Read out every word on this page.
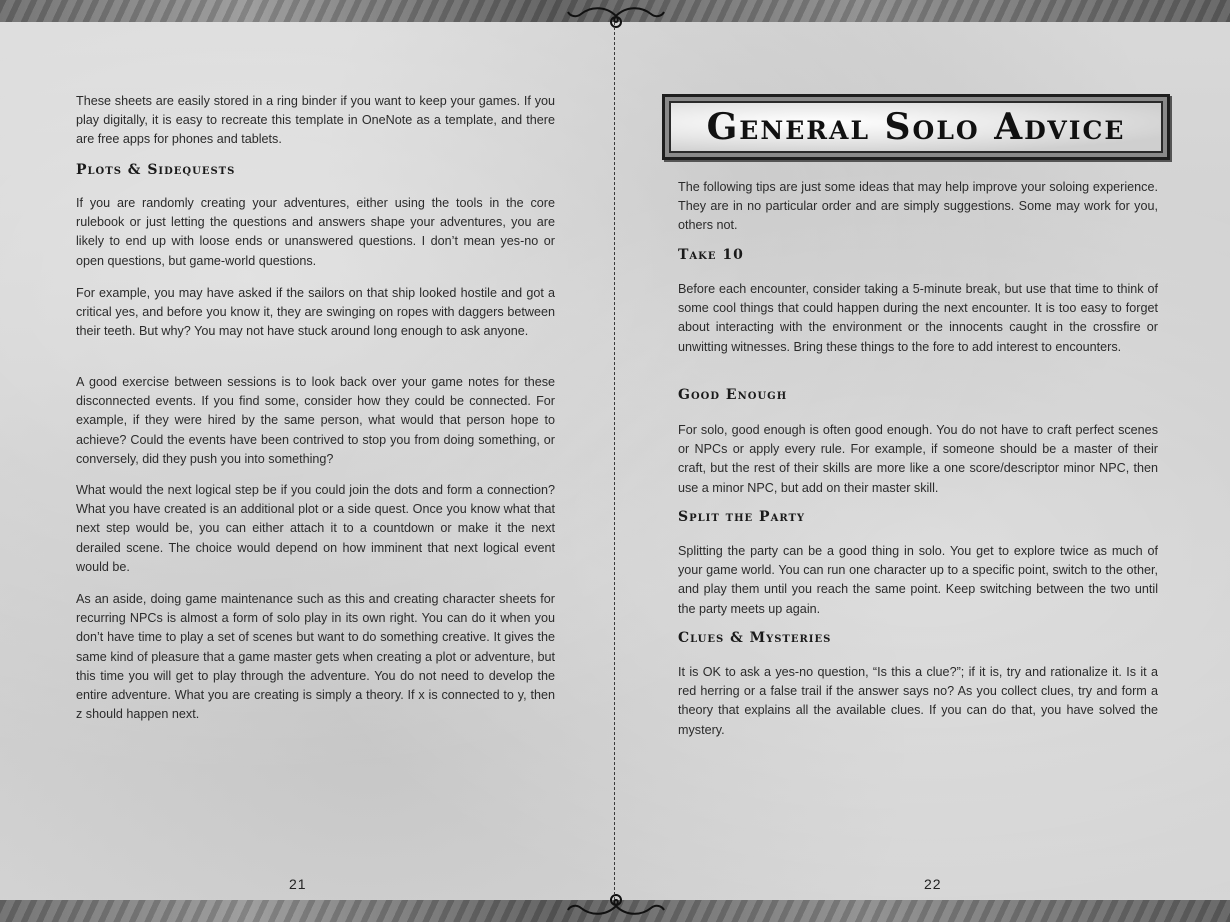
These sheets are easily stored in a ring binder if you want to keep your games. If you play digitally, it is easy to recreate this template in OneNote as a template, and there are free apps for phones and tablets.

Plots & Sidequests

If you are randomly creating your adventures, either using the tools in the core rulebook or just letting the questions and answers shape your adventures, you are likely to end up with loose ends or unanswered questions. I don’t mean yes-no or open questions, but game-world questions.

For example, you may have asked if the sailors on that ship looked hostile and got a critical yes, and before you know it, they are swinging on ropes with daggers between their teeth. But why? You may not have stuck around long enough to ask anyone.

A good exercise between sessions is to look back over your game notes for these disconnected events. If you find some, consider how they could be connected. For example, if they were hired by the same person, what would that person hope to achieve? Could the events have been contrived to stop you from doing something, or conversely, did they push you into something?

What would the next logical step be if you could join the dots and form a connection? What you have created is an additional plot or a side quest. Once you know what that next step would be, you can either attach it to a countdown or make it the next derailed scene. The choice would depend on how imminent that next logical event would be.

As an aside, doing game maintenance such as this and creating character sheets for recurring NPCs is almost a form of solo play in its own right. You can do it when you don’t have time to play a set of scenes but want to do something creative. It gives the same kind of pleasure that a game master gets when creating a plot or adventure, but this time you will get to play through the adventure. You do not need to develop the entire adventure. What you are creating is simply a theory. If x is connected to y, then z should happen next.

21
General Solo Advice

The following tips are just some ideas that may help improve your soloing experience. They are in no particular order and are simply suggestions. Some may work for you, others not.

Take 10

Before each encounter, consider taking a 5-minute break, but use that time to think of some cool things that could happen during the next encounter. It is too easy to forget about interacting with the environment or the innocents caught in the crossfire or unwitting witnesses. Bring these things to the fore to add interest to encounters.

Good Enough

For solo, good enough is often good enough. You do not have to craft perfect scenes or NPCs or apply every rule. For example, if someone should be a master of their craft, but the rest of their skills are more like a one score/descriptor minor NPC, then use a minor NPC, but add on their master skill.

Split the Party

Splitting the party can be a good thing in solo. You get to explore twice as much of your game world. You can run one character up to a specific point, switch to the other, and play them until you reach the same point. Keep switching between the two until the party meets up again.

Clues & Mysteries

It is OK to ask a yes-no question, “Is this a clue?”; if it is, try and rationalize it. Is it a red herring or a false trail if the answer says no? As you collect clues, try and form a theory that explains all the available clues. If you can do that, you have solved the mystery.

22
